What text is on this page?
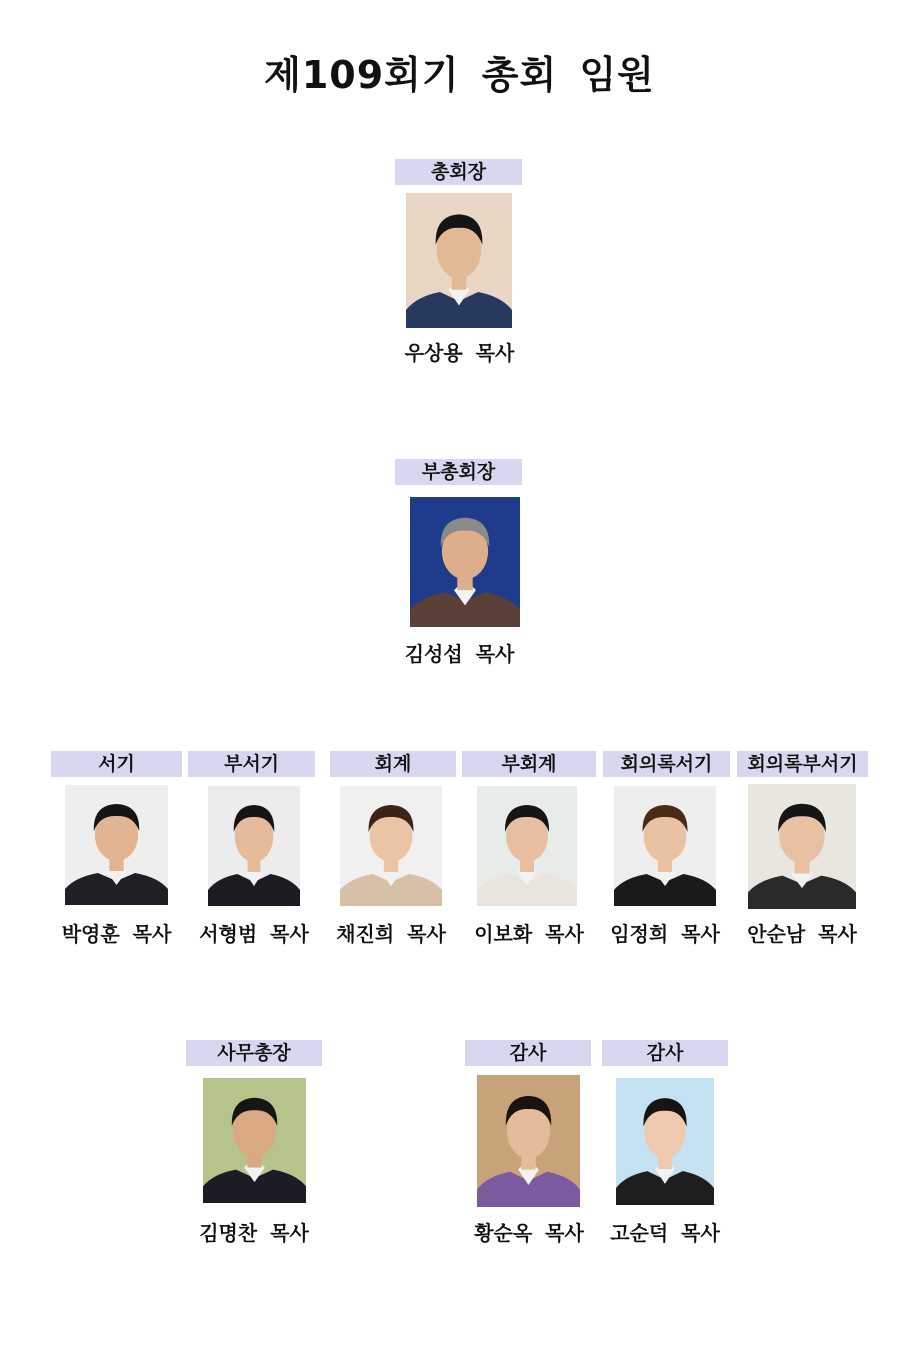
제109회기 총회 임원
총회장
우상용 목사
부총회장
김성섭 목사
서기
박영훈 목사
부서기
서형범 목사
회계
채진희 목사
부회계
이보화 목사
회의록서기
임정희 목사
회의록부서기
안순남 목사
사무총장
김명찬 목사
감사
황순옥 목사
감사
고순덕 목사
